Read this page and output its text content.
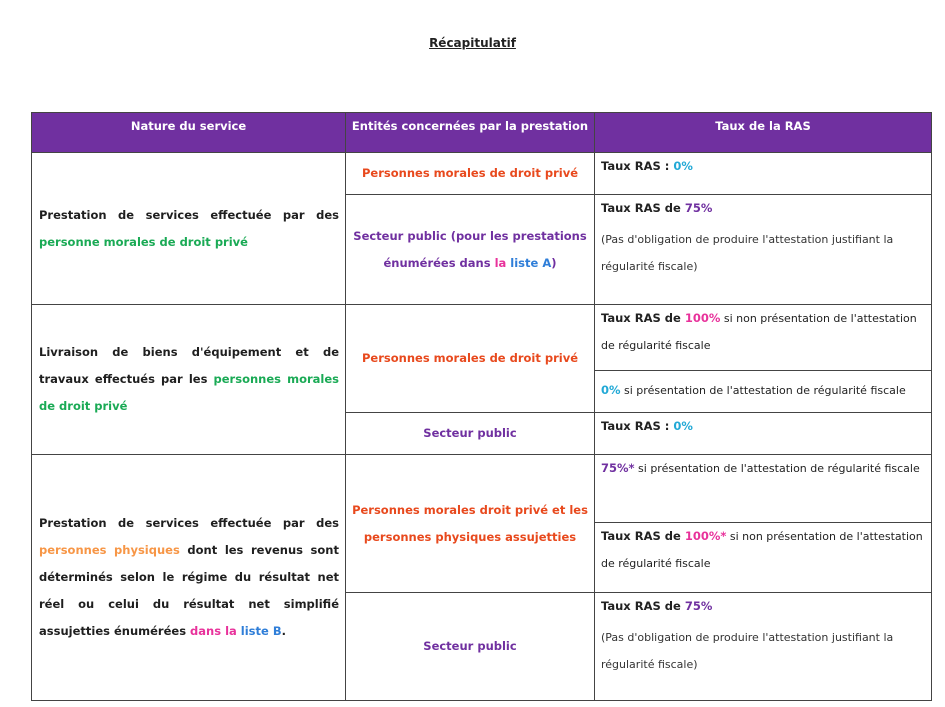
Récapitulatif
Nature du service	Entités concernées par la prestation	Taux de la RAS
Prestation de services effectuée par des personne morales de droit privé	Personnes morales de droit privé	Taux RAS : 0%
	Secteur public (pour les prestations énumérées dans la liste A)	Taux RAS de 75%
(Pas d'obligation de produire l'attestation justifiant la régularité fiscale)

Livraison de biens d'équipement et de travaux effectués par les personnes morales de droit privé	Personnes morales de droit privé	Taux RAS de 100% si non présentation de l'attestation de régularité fiscale
		0% si présentation de l'attestation de régularité fiscale
	Secteur public	Taux RAS : 0%
Prestation de services effectuée par des personnes physiques dont les revenus sont déterminés selon le régime du résultat net réel ou celui du résultat net simplifié assujetties énumérées dans la liste B.	Personnes morales droit privé et les personnes physiques assujetties	75%* si présentation de l'attestation de régularité fiscale
		Taux RAS de 100%* si non présentation de l'attestation de régularité fiscale
	Secteur public	Taux RAS de 75%
(Pas d'obligation de produire l'attestation justifiant la régularité fiscale)
